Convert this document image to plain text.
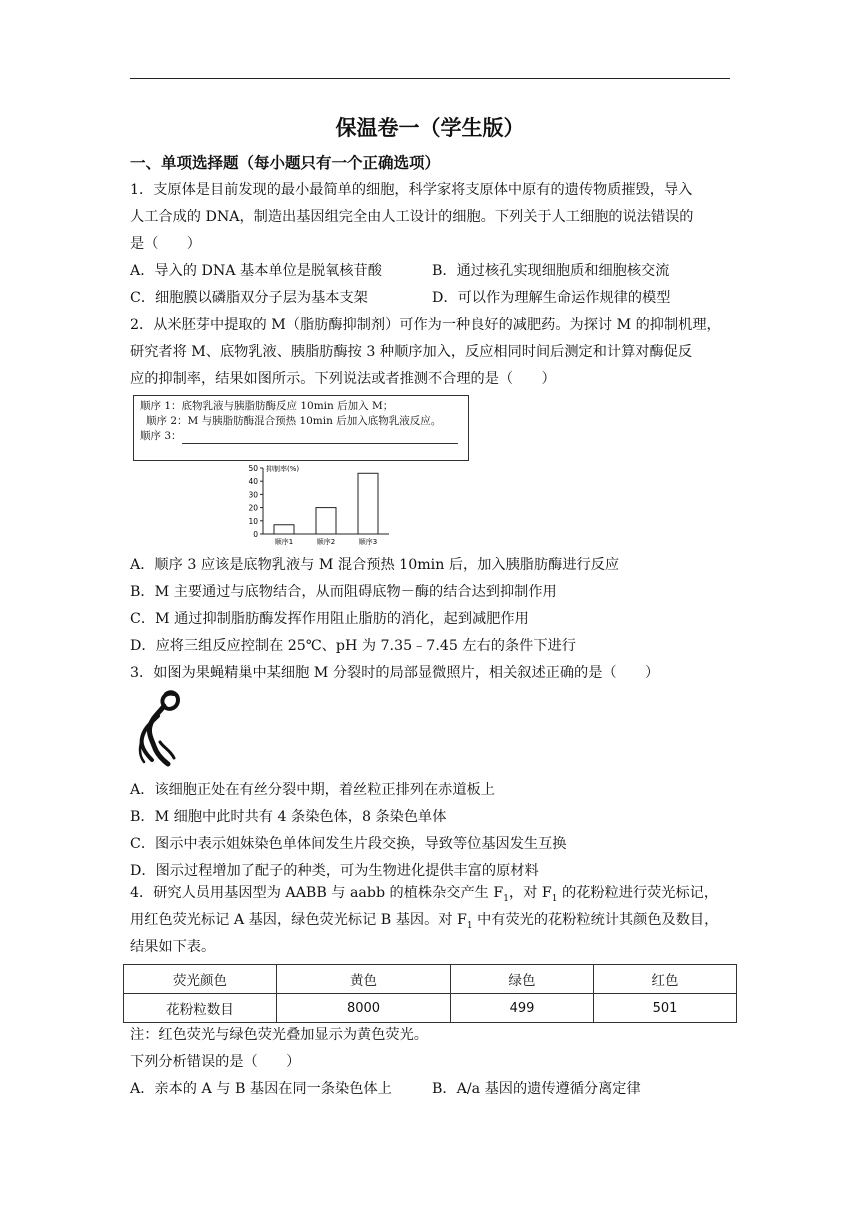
保温卷一（学生版）
一、单项选择题（每小题只有一个正确选项）
1．支原体是目前发现的最小最简单的细胞，科学家将支原体中原有的遗传物质摧毁，导入
人工合成的 DNA，制造出基因组完全由人工设计的细胞。下列关于人工细胞的说法错误的
是（　　）
A．导入的 DNA 基本单位是脱氧核苷酸	B．通过核孔实现细胞质和细胞核交流
C．细胞膜以磷脂双分子层为基本支架	D．可以作为理解生命运作规律的模型
2．从米胚芽中提取的 M（脂肪酶抑制剂）可作为一种良好的减肥药。为探讨 M 的抑制机理，
研究者将 M、底物乳液、胰脂肪酶按 3 种顺序加入，反应相同时间后测定和计算对酶促反
应的抑制率，结果如图所示。下列说法或者推测不合理的是（　　）
顺序 1：底物乳液与胰脂肪酶反应 10min 后加入 M；
顺序 2：M 与胰脂肪酶混合预热 10min 后加入底物乳液反应。
顺序 3：
0
10
20
30
40
50 抑制率(%)
顺序1	顺序2	顺序3
A．顺序 3 应该是底物乳液与 M 混合预热 10min 后，加入胰脂肪酶进行反应
B．M 主要通过与底物结合，从而阻碍底物－酶的结合达到抑制作用
C．M 通过抑制脂肪酶发挥作用阻止脂肪的消化，起到减肥作用
D．应将三组反应控制在 25℃、pH 为 7.35﹣7.45 左右的条件下进行
3．如图为果蝇精巢中某细胞 M 分裂时的局部显微照片，相关叙述正确的是（　　）
A．该细胞正处在有丝分裂中期，着丝粒正排列在赤道板上
B．M 细胞中此时共有 4 条染色体，8 条染色单体
C．图示中表示姐妹染色单体间发生片段交换，导致等位基因发生互换
D．图示过程增加了配子的种类，可为生物进化提供丰富的原材料
4．研究人员用基因型为 AABB 与 aabb 的植株杂交产生 $F_1$，对 $F_1$ 的花粉粒进行荧光标记，
用红色荧光标记 A 基因，绿色荧光标记 B 基因。对 $F_1$ 中有荧光的花粉粒统计其颜色及数目，
结果如下表。
荧光颜色	黄色	绿色	红色
花粉粒数目	8000	499	501
注：红色荧光与绿色荧光叠加显示为黄色荧光。
下列分析错误的是（　　）
A．亲本的 A 与 B 基因在同一条染色体上	B．A/a 基因的遗传遵循分离定律
